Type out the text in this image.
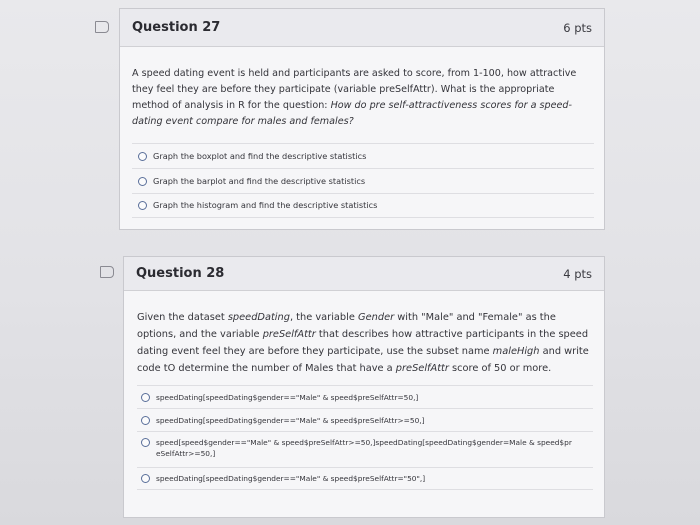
Question 27	6 pts

A speed dating event is held and participants are asked to score, from 1-100, how attractive they feel they are before they participate (variable preSelfAttr). What is the appropriate method of analysis in R for the question: How do pre self-attractiveness scores for a speed-dating event compare for males and females?

Graph the boxplot and find the descriptive statistics
Graph the barplot and find the descriptive statistics
Graph the histogram and find the descriptive statistics
Question 28	4 pts

Given the dataset speedDating, the variable Gender with "Male" and "Female" as the options, and the variable preSelfAttr that describes how attractive participants in the speed dating event feel they are before they participate, use the subset name maleHigh and write code tO determine the number of Males that have a preSelfAttr score of 50 or more.

speedDating[speedDating$gender=="Male" & speed$preSelfAttr=50,]
speedDating[speedDating$gender=="Male" & speed$preSelfAttr>=50,]
speed[speed$gender=="Male" & speed$preSelfAttr>=50,]speedDating[speedDating$gender=Male & speed$preSelfAttr>=50,]
speedDating[speedDating$gender=="Male" & speed$preSelfAttr="50",]
